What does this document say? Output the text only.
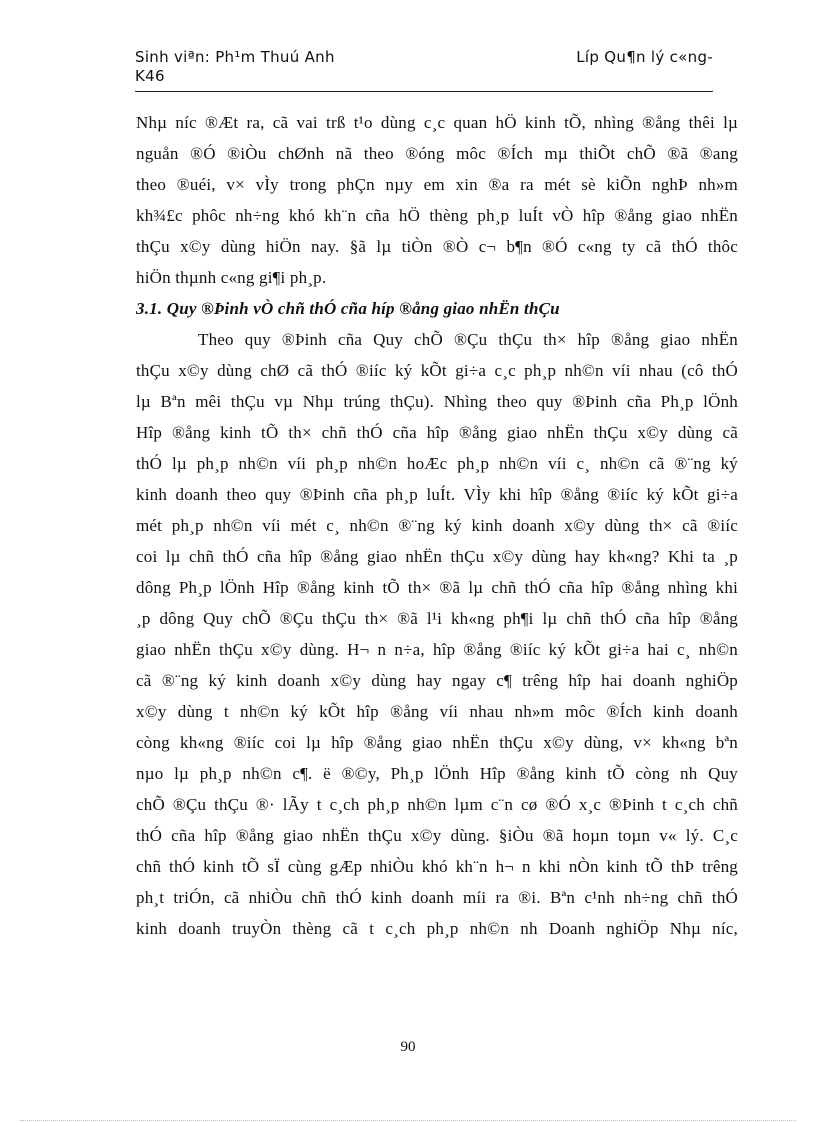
Sinh viªn: Ph¹m Thuú Anh
K46
Líp Qu¶n lý c«ng-
Nhµ níc ®Æt ra, cã vai trß t¹o dùng c¸c quan hÖ kinh tÕ, nhìng ®ång thêi lµ
nguån ®Ó ®iÒu chØnh nã theo ®óng môc ®Ích mµ thiÕt chÕ ®ã ®ang
theo ®uéi, v× vÌy trong phÇn nµy em xin ®a ra mét sè kiÕn nghÞ nh»m
kh¾£c phôc nh÷ng khó kh¨n cña hÖ thèng ph¸p luÍt vÒ hîp ®ång giao nhËn
thÇu x©y dùng hiÖn nay. §ã lµ tiÒn ®Ò c¬ b¶n ®Ó c«ng ty cã thÓ thôc
hiÖn thµnh c«ng gi¶i ph¸p.
3.1. Quy ®Þinh vÒ chñ thÓ cña híp ®ång giao nhËn thÇu
Theo quy ®Þinh cña Quy chÕ ®Çu thÇu th× hîp ®ång giao nhËn
thÇu x©y dùng chØ cã thÓ ®iíc ký kÕt gi÷a c¸c ph¸p nh©n víi nhau (cô thÓ
lµ Bªn mêi thÇu vµ Nhµ trúng thÇu). Nhìng theo quy ®Þinh cña Ph¸p lÖnh
Hîp ®ång kinh tÕ th× chñ thÓ cña hîp ®ång giao nhËn thÇu x©y dùng cã
thÓ lµ ph¸p nh©n víi ph¸p nh©n hoÆc ph¸p nh©n víi c¸ nh©n cã ®¨ng ký
kinh doanh theo quy ®Þinh cña ph¸p luÍt. VÌy khi hîp ®ång ®iíc ký kÕt gi÷a
mét ph¸p nh©n víi mét c¸ nh©n ®¨ng ký kinh doanh x©y dùng th× cã ®iíc
coi lµ chñ thÓ cña hîp ®ång giao nhËn thÇu x©y dùng hay kh«ng? Khi ta ¸p
dông Ph¸p lÖnh Hîp ®ång kinh tÕ th× ®ã lµ chñ thÓ cña hîp ®ång nhìng khi
¸p dông Quy chÕ ®Çu thÇu th× ®ã l¹i kh«ng ph¶i lµ chñ thÓ cña hîp ®ång
giao nhËn thÇu x©y dùng. H¬ n n÷a, hîp ®ång ®iíc ký kÕt gi÷a hai c¸ nh©n
cã ®¨ng ký kinh doanh x©y dùng hay ngay c¶ trêng hîp hai doanh nghiÖp
x©y dùng t nh©n ký kÕt hîp ®ång víi nhau nh»m môc ®Ích kinh doanh
còng kh«ng ®iíc coi lµ hîp ®ång giao nhËn thÇu x©y dùng, v× kh«ng bªn
nµo lµ ph¸p nh©n c¶. ë ®©y, Ph¸p lÖnh Hîp ®ång kinh tÕ còng nh Quy
chÕ ®Çu thÇu ®· lÃy t c¸ch ph¸p nh©n lµm c¨n cø ®Ó x¸c ®Þinh t c¸ch chñ
thÓ cña hîp ®ång giao nhËn thÇu x©y dùng. §iÒu ®ã hoµn toµn v« lý. C¸c
chñ thÓ kinh tÕ sÏ cùng gÆp nhiÒu khó kh¨n h¬ n khi nÒn kinh tÕ thÞ trêng
ph¸t triÓn, cã nhiÒu chñ thÓ kinh doanh míi ra ®i. Bªn c¹nh nh÷ng chñ thÓ
kinh doanh truyÒn thèng cã t c¸ch ph¸p nh©n nh Doanh nghiÖp Nhµ níc,
90
